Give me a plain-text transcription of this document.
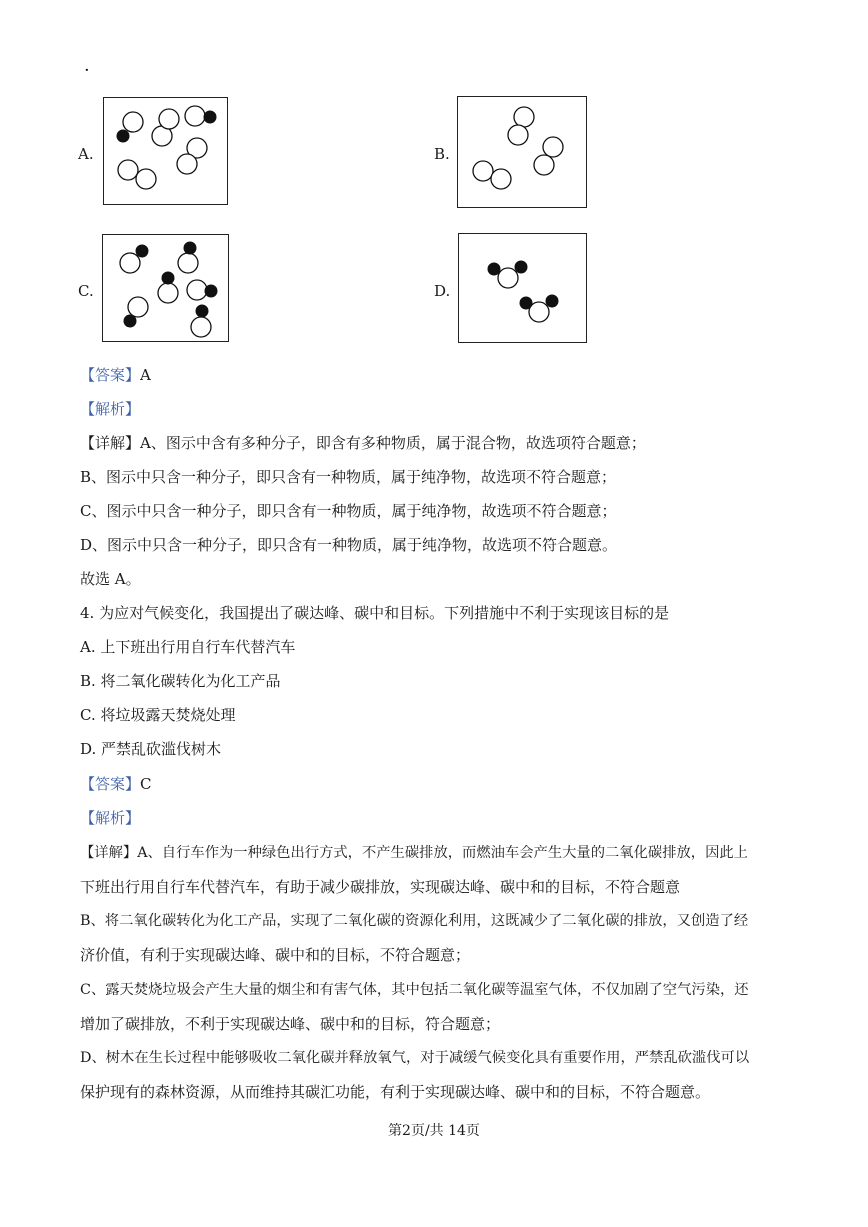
·
A.	B.
C.	D.
【答案】A
【解析】
【详解】A、图示中含有多种分子，即含有多种物质，属于混合物，故选项符合题意；
B、图示中只含一种分子，即只含有一种物质，属于纯净物，故选项不符合题意；
C、图示中只含一种分子，即只含有一种物质，属于纯净物，故选项不符合题意；
D、图示中只含一种分子，即只含有一种物质，属于纯净物，故选项不符合题意。
故选 A。
4. 为应对气候变化，我国提出了碳达峰、碳中和目标。下列措施中不利于实现该目标的是
A. 上下班出行用自行车代替汽车
B. 将二氧化碳转化为化工产品
C. 将垃圾露天焚烧处理
D. 严禁乱砍滥伐树木
【答案】C
【解析】
【详解】A、自行车作为一种绿色出行方式，不产生碳排放，而燃油车会产生大量的二氧化碳排放，因此上
下班出行用自行车代替汽车，有助于减少碳排放，实现碳达峰、碳中和的目标，不符合题意
B、将二氧化碳转化为化工产品，实现了二氧化碳的资源化利用，这既减少了二氧化碳的排放，又创造了经
济价值，有利于实现碳达峰、碳中和的目标，不符合题意；
C、露天焚烧垃圾会产生大量的烟尘和有害气体，其中包括二氧化碳等温室气体，不仅加剧了空气污染，还
增加了碳排放，不利于实现碳达峰、碳中和的目标，符合题意；
D、树木在生长过程中能够吸收二氧化碳并释放氧气，对于减缓气候变化具有重要作用，严禁乱砍滥伐可以
保护现有的森林资源，从而维持其碳汇功能，有利于实现碳达峰、碳中和的目标，不符合题意。
第2页/共 14页
